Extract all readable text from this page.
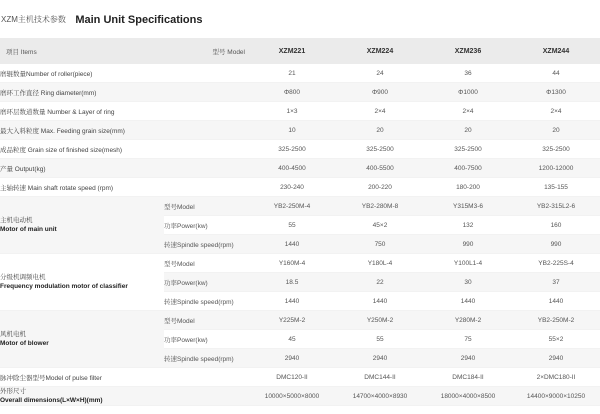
XZM主机技术参数 Main Unit Specifications
项目 Items	型号 Model	XZM221	XZM224	XZM236	XZM244
磨辊数量Number of roller(piece)		21	24	36	44
磨环工作直径 Ring diameter(mm)		Φ800	Φ900	Φ1000	Φ1300
磨环层数道数量 Number & Layer of ring		1×3	2×4	2×4	2×4
最大入料粒度 Max. Feeding grain size(mm)		10	20	20	20
成品粒度 Grain size of finished size(mesh)		325-2500	325-2500	325-2500	325-2500
产量 Output(kg)		400-4500	400-5500	400-7500	1200-12000
主轴转速 Main shaft rotate speed (rpm)		230-240	200-220	180-200	135-155

主机电动机
Motor of main unit	型号Model	YB2-250M-4	YB2-280M-8	Y315M3-6	YB2-315L2-6
	功率Power(kw)	55	45×2	132	160
	转速Spindle speed(rpm)	1440	750	990	990

分级机调频电机
Frequency modulation motor of classifier	型号Model	Y160M-4	Y180L-4	Y100L1-4	YB2-225S-4
	功率Power(kw)	18.5	22	30	37
	转速Spindle speed(rpm)	1440	1440	1440	1440

风机电机
Motor of blower	型号Model	Y225M-2	Y250M-2	Y280M-2	YB2-250M-2
	功率Power(kw)	45	55	75	55×2
	转速Spindle speed(rpm)	2940	2940	2940	2940
脉冲除尘器型号Model of pulse filter		DMC120-II	DMC144-II	DMC184-II	2×DMC180-II
外形尺寸
Overall dimensions(L×W×H)(mm)		10000×5000×8000	14700×4000×8930	18000×4000×8500	14400×9000×10250
